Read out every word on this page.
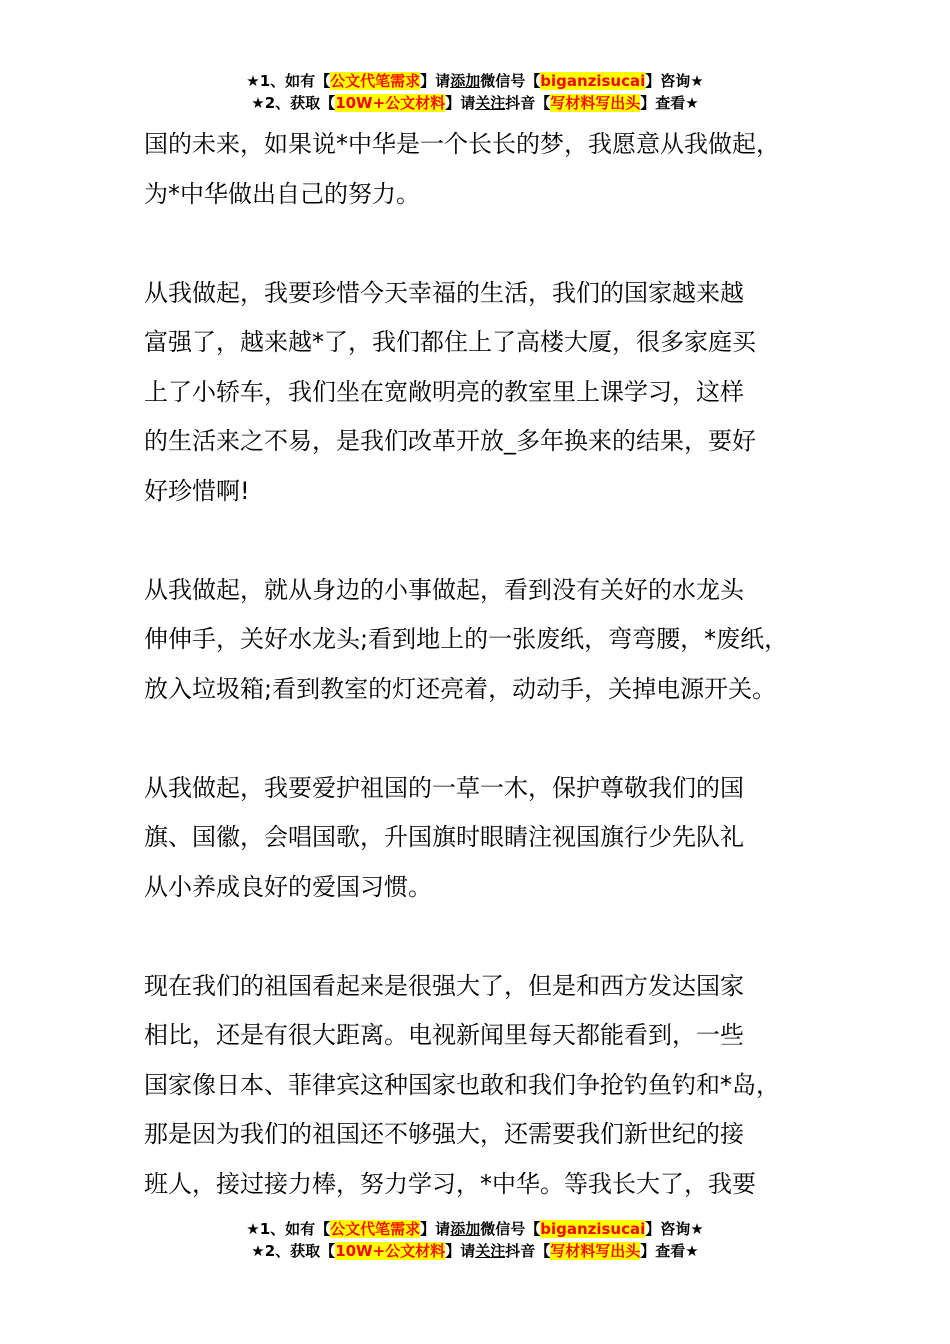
★1、如有【公文代笔需求】请添加微信号【biganzisucai】咨询★
★2、获取【10W+公文材料】请关注抖音【写材料写出头】查看★

国的未来，如果说*中华是一个长长的梦，我愿意从我做起，
为*中华做出自己的努力。

从我做起，我要珍惜今天幸福的生活，我们的国家越来越
富强了，越来越*了，我们都住上了高楼大厦，很多家庭买
上了小轿车，我们坐在宽敞明亮的教室里上课学习，这样
的生活来之不易，是我们改革开放_多年换来的结果，要好
好珍惜啊!

从我做起，就从身边的小事做起，看到没有关好的水龙头
伸伸手，关好水龙头;看到地上的一张废纸，弯弯腰，*废纸，
放入垃圾箱;看到教室的灯还亮着，动动手，关掉电源开关。

从我做起，我要爱护祖国的一草一木，保护尊敬我们的国
旗、国徽，会唱国歌，升国旗时眼睛注视国旗行少先队礼
从小养成良好的爱国习惯。

现在我们的祖国看起来是很强大了，但是和西方发达国家
相比，还是有很大距离。电视新闻里每天都能看到，一些
国家像日本、菲律宾这种国家也敢和我们争抢钓鱼钓和*岛，
那是因为我们的祖国还不够强大，还需要我们新世纪的接
班人，接过接力棒，努力学习，*中华。等我长大了，我要

★1、如有【公文代笔需求】请添加微信号【biganzisucai】咨询★
★2、获取【10W+公文材料】请关注抖音【写材料写出头】查看★
